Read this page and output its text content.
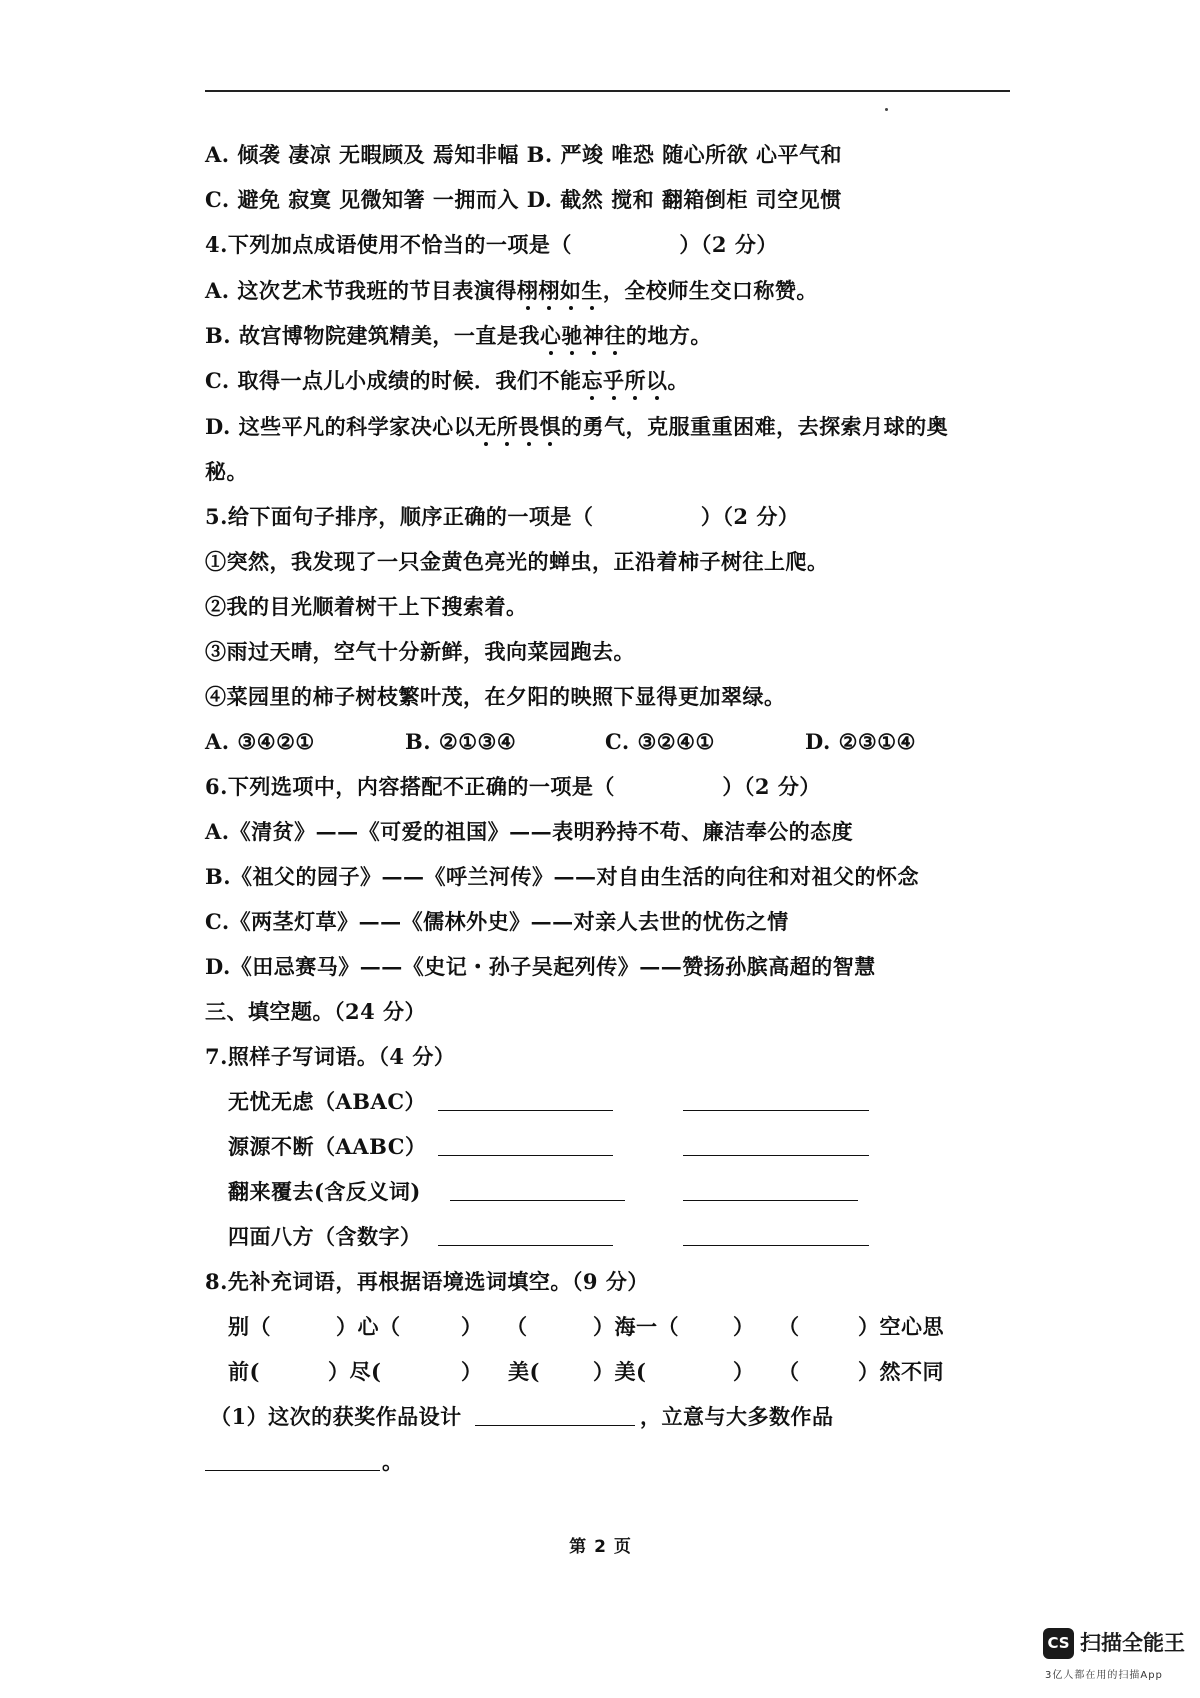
A. 倾袭 凄凉 无暇顾及 焉知非幅 B. 严竣 唯恐 随心所欲 心平气和
C. 避免 寂寞 见微知箸 一拥而入 D. 截然 搅和 翻箱倒柜 司空见惯
4.下列加点成语使用不恰当的一项是（　　　　　）（2 分）
A. 这次艺术节我班的节目表演得栩栩如生，全校师生交口称赞。
B. 故宫博物院建筑精美，一直是我心驰神往的地方。
C. 取得一点儿小成绩的时候．我们不能忘乎所以。
D. 这些平凡的科学家决心以无所畏惧的勇气，克服重重困难，去探索月球的奥
秘。
5.给下面句子排序，顺序正确的一项是（　　　　　）（2 分）
①突然，我发现了一只金黄色亮光的蝉虫，正沿着柿子树往上爬。
②我的目光顺着树干上下搜索着。
③雨过天晴，空气十分新鲜，我向菜园跑去。
④菜园里的柿子树枝繁叶茂，在夕阳的映照下显得更加翠绿。
A. ③④②①	B. ②①③④	C. ③②④①	D. ②③①④
6.下列选项中，内容搭配不正确的一项是（　　　　　）（2 分）
A.《清贫》——《可爱的祖国》——表明矜持不苟、廉洁奉公的态度
B.《祖父的园子》——《呼兰河传》——对自由生活的向往和对祖父的怀念
C.《两茎灯草》——《儒林外史》——对亲人去世的忧伤之情
D.《田忌赛马》——《史记・孙子吴起列传》——赞扬孙膑高超的智慧
三、填空题。（24 分）
7.照样子写词语。（4 分）
无忧无虑（ABAC）
源源不断（AABC）
翻来覆去(含反义词)
四面八方（含数字）
8.先补充词语，再根据语境选词填空。（9 分）
别（	）心（	） （	）海一（	） （	）空心思
前(	）尽(	） 美(	）美(	） （	）然不同
（1）这次的获奖作品设计	，立意与大多数作品
。
第 2 页
CS 扫描全能王
3亿人都在用的扫描App
